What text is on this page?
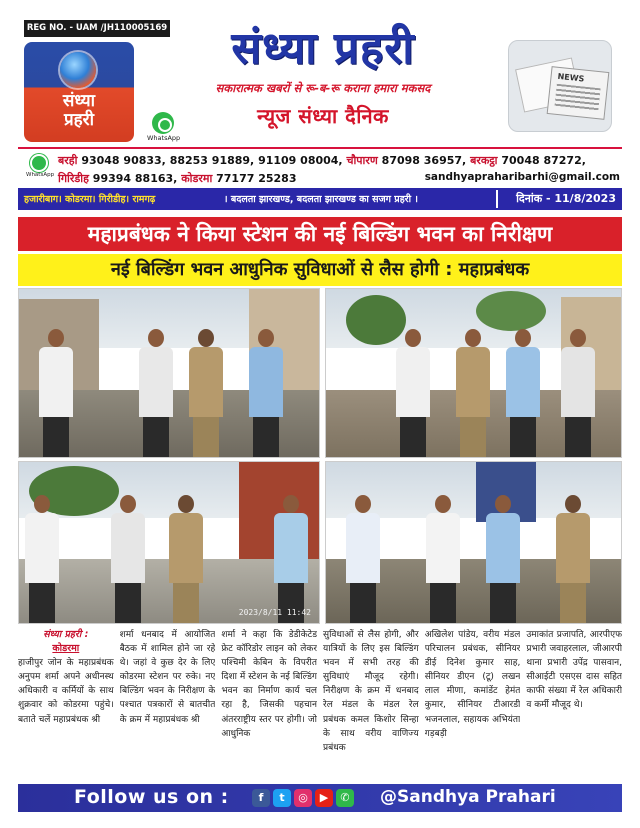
REG NO. - UAM /JH110005169
संध्या
प्रहरी
संध्या प्रहरी
सकारात्मक खबरों से रू-ब-रू कराना हमारा मकसद
न्यूज संध्या दैनिक
WhatsApp
NEWS
WhatsApp
बरही 93048 90833, 88253 91889, 91109 08004, चौपारण 87098 36957, बरकट्ठा 70048 87272,
गिरिडीह 99394 88163, कोडरमा 77177 25283	sandhyapraharibarhi@gmail.com
हजारीबाग। कोडरमा। गिरीडीह। रामगढ़	। बदलता झारखण्ड, बदलता झारखण्ड का सजग प्रहरी ।	दिनांक - 11/8/2023
महाप्रबंधक ने किया स्टेशन की नई बिल्डिंग भवन का निरीक्षण
नई बिल्डिंग भवन आधुनिक सुविधाओं से लैस होगी : महाप्रबंधक
2023/8/11 11:42
संध्या प्रहरी :
कोडरमा
हाजीपुर जोन के महाप्रबंधक अनुपम शर्मा अपने अधीनस्थ अधिकारी व कर्मियों के साथ शुक्रवार को कोडरमा पहुंचे। बताते चलें महाप्रबंधक श्री
शर्मा धनबाद में आयोजित बैठक में शामिल होने जा रहे थे। जहां वे कुछ देर के लिए कोडरमा स्टेशन पर रुके। नए बिल्डिंग भवन के निरीक्षण के पश्चात पत्रकारों से बातचीत के क्रम में महाप्रबंधक श्री
शर्मा ने कहा कि डेडीकेटेड फ्रेट कॉरिडोर लाइन को लेकर पश्चिमी केबिन के विपरीत दिशा में स्टेशन के नई बिल्डिंग भवन का निर्माण कार्य चल रहा है, जिसकी पहचान अंतरराष्ट्रीय स्तर पर होगी। जो आधुनिक
सुविधाओं से लैस होगी, और यात्रियों के लिए इस बिल्डिंग भवन में सभी तरह की सुविधाएं मौजूद रहेगी। निरीक्षण के क्रम में धनबाद रेल मंडल के मंडल रेल प्रबंधक कमल किशोर सिन्हा के साथ वरीय वाणिज्य प्रबंधक
अखिलेश पांडेय, वरीय मंडल परिचालन प्रबंधक, सीनियर डीई दिनेश कुमार साह, सीनियर डीएन (टू) लखन लाल मीणा, कमांडेंट हेमंत कुमार, सीनियर टीआरडी भजनलाल, सहायक अभियंता गड़बड़ी
उमाकांत प्रजापति, आरपीएफ प्रभारी जवाहरलाल, जीआरपी थाना प्रभारी उपेंद्र पासवान, सीआईटी एसएस दास सहित काफी संख्या में रेल अधिकारी व कर्मी मौजूद थे।
Follow us on :	f	t	◎	▶	✆ @Sandhya Prahari
